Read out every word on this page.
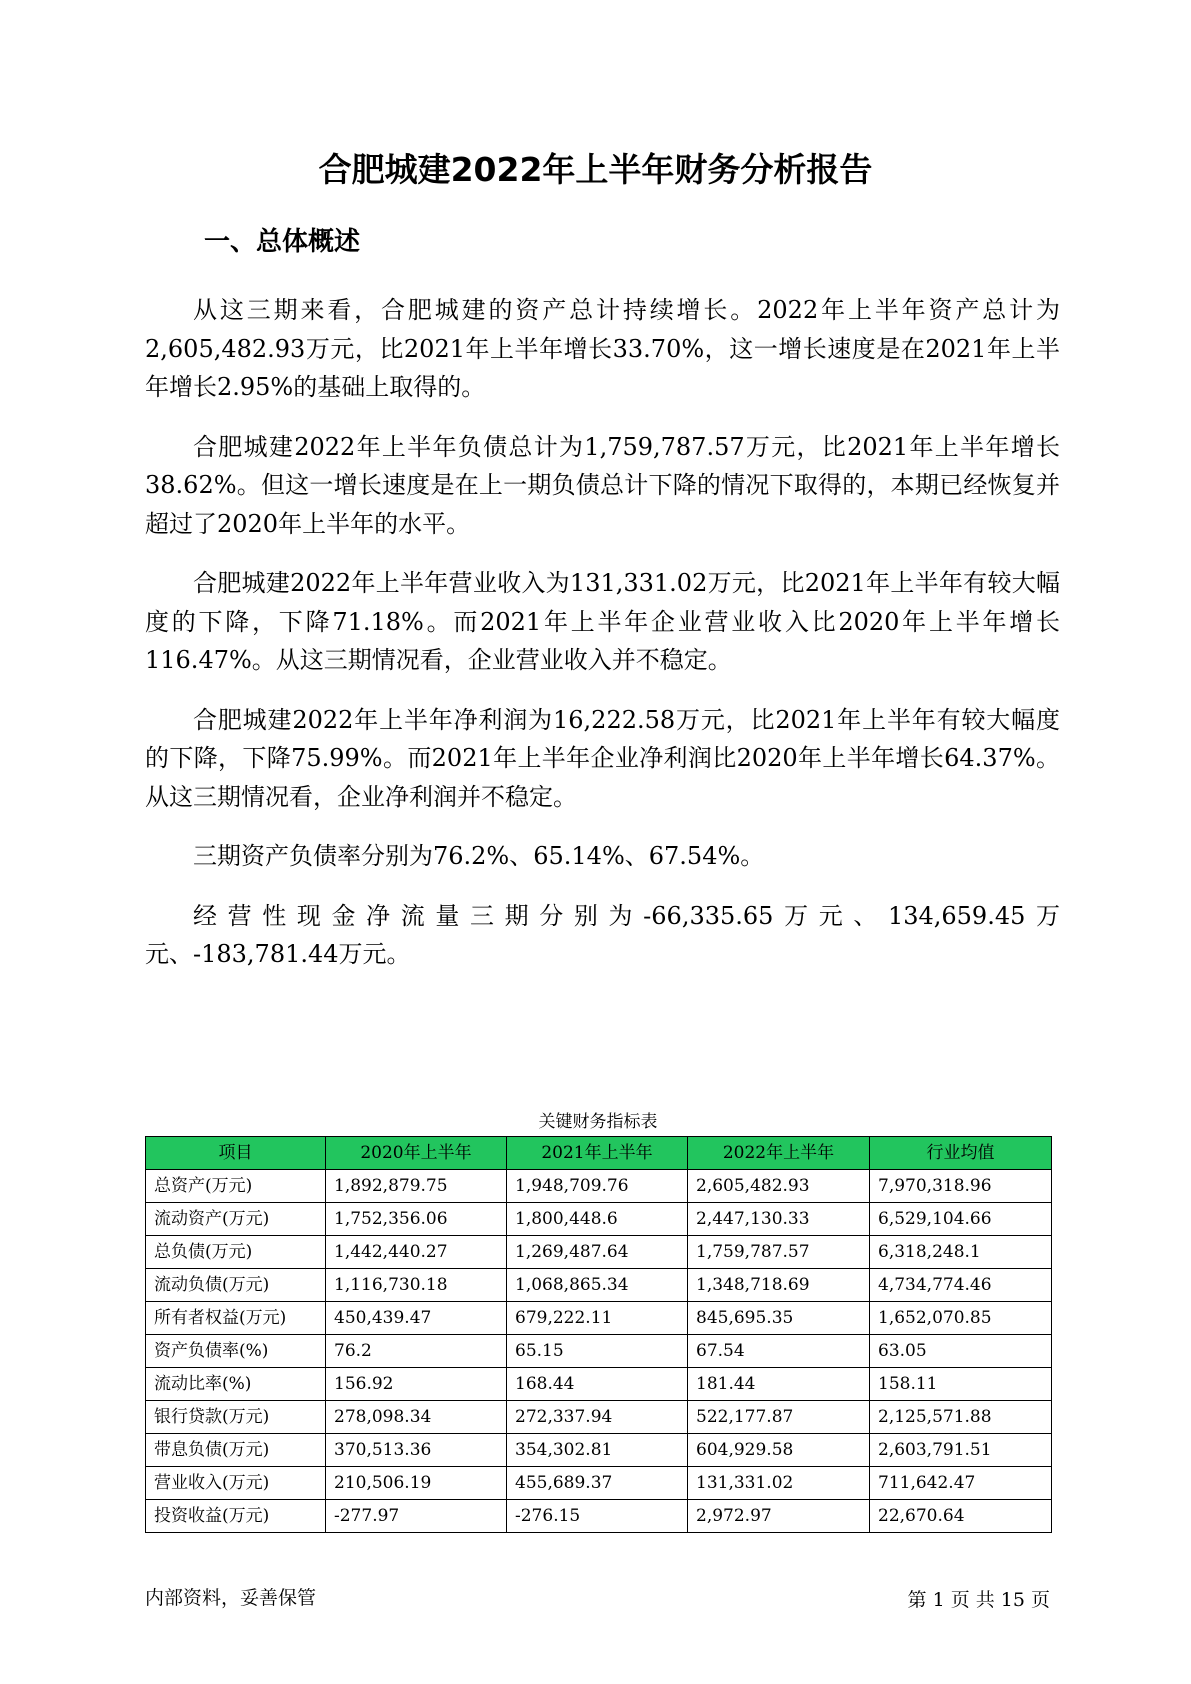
合肥城建2022年上半年财务分析报告
一、总体概述

从这三期来看，合肥城建的资产总计持续增长。2022年上半年资产总计为2,605,482.93万元，比2021年上半年增长33.70%，这一增长速度是在2021年上半年增长2.95%的基础上取得的。

合肥城建2022年上半年负债总计为1,759,787.57万元，比2021年上半年增长38.62%。但这一增长速度是在上一期负债总计下降的情况下取得的，本期已经恢复并超过了2020年上半年的水平。

合肥城建2022年上半年营业收入为131,331.02万元，比2021年上半年有较大幅度的下降，下降71.18%。而2021年上半年企业营业收入比2020年上半年增长116.47%。从这三期情况看，企业营业收入并不稳定。

合肥城建2022年上半年净利润为16,222.58万元，比2021年上半年有较大幅度的下降，下降75.99%。而2021年上半年企业净利润比2020年上半年增长64.37%。从这三期情况看，企业净利润并不稳定。

三期资产负债率分别为76.2%、65.14%、67.54%。

经营性现金净流量三期分别为-66,335.65万元、134,659.45万元、-183,781.44万元。

关键财务指标表
项目	2020年上半年	2021年上半年	2022年上半年	行业均值
总资产(万元)	1,892,879.75	1,948,709.76	2,605,482.93	7,970,318.96
流动资产(万元)	1,752,356.06	1,800,448.6	2,447,130.33	6,529,104.66
总负债(万元)	1,442,440.27	1,269,487.64	1,759,787.57	6,318,248.1
流动负债(万元)	1,116,730.18	1,068,865.34	1,348,718.69	4,734,774.46
所有者权益(万元)	450,439.47	679,222.11	845,695.35	1,652,070.85
资产负债率(%)	76.2	65.15	67.54	63.05
流动比率(%)	156.92	168.44	181.44	158.11
银行贷款(万元)	278,098.34	272,337.94	522,177.87	2,125,571.88
带息负债(万元)	370,513.36	354,302.81	604,929.58	2,603,791.51
营业收入(万元)	210,506.19	455,689.37	131,331.02	711,642.47
投资收益(万元)	-277.97	-276.15	2,972.97	22,670.64
内部资料，妥善保管	第 1 页 共 15 页
